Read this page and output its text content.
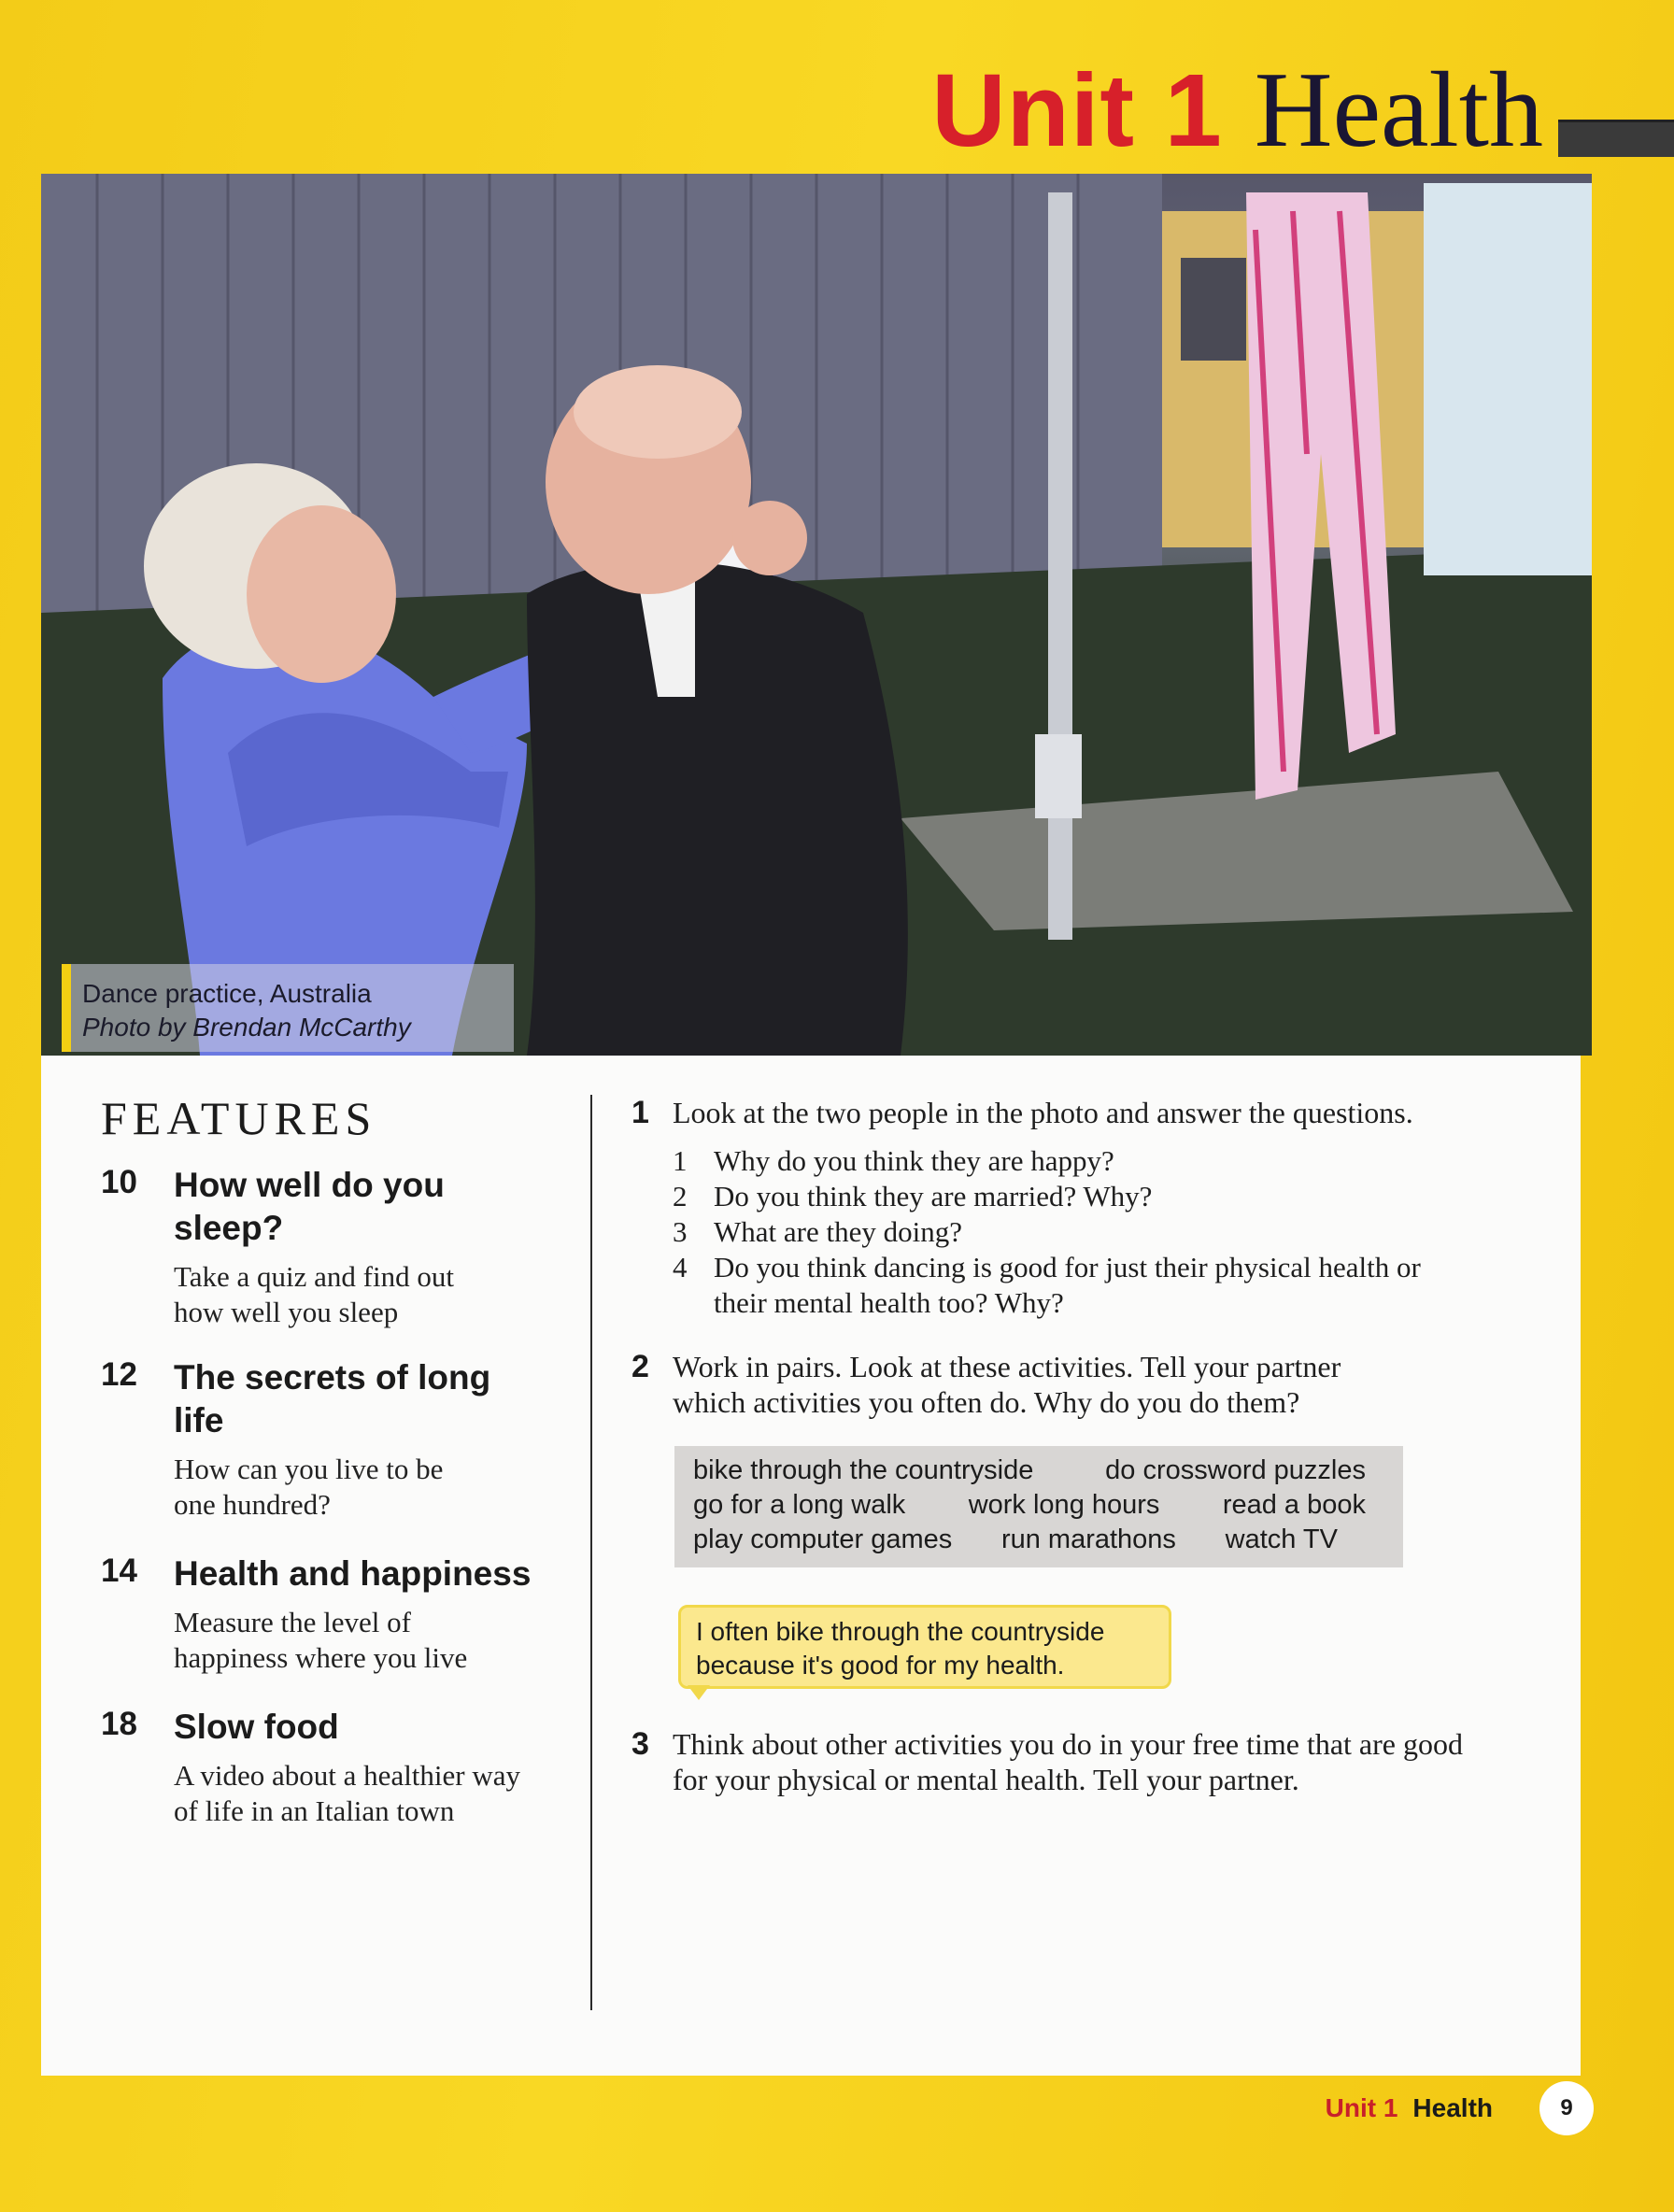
Unit 1 Health
Dance practice, Australia
Photo by Brendan McCarthy
FEATURES
10 How well do you sleep?
Take a quiz and find out how well you sleep
12 The secrets of long life
How can you live to be one hundred?
14 Health and happiness
Measure the level of happiness where you live
18 Slow food
A video about a healthier way of life in an Italian town
1 Look at the two people in the photo and answer the questions.
1 Why do you think they are happy?
2 Do you think they are married? Why?
3 What are they doing?
4 Do you think dancing is good for just their physical health or their mental health too? Why?
2 Work in pairs. Look at these activities. Tell your partner which activities you often do. Why do you do them?
bike through the countryside	do crossword puzzles
go for a long walk work long hours read a book
play computer games run marathons watch TV
I often bike through the countryside because it's good for my health.
3 Think about other activities you do in your free time that are good for your physical or mental health. Tell your partner.
Unit 1 Health	9
